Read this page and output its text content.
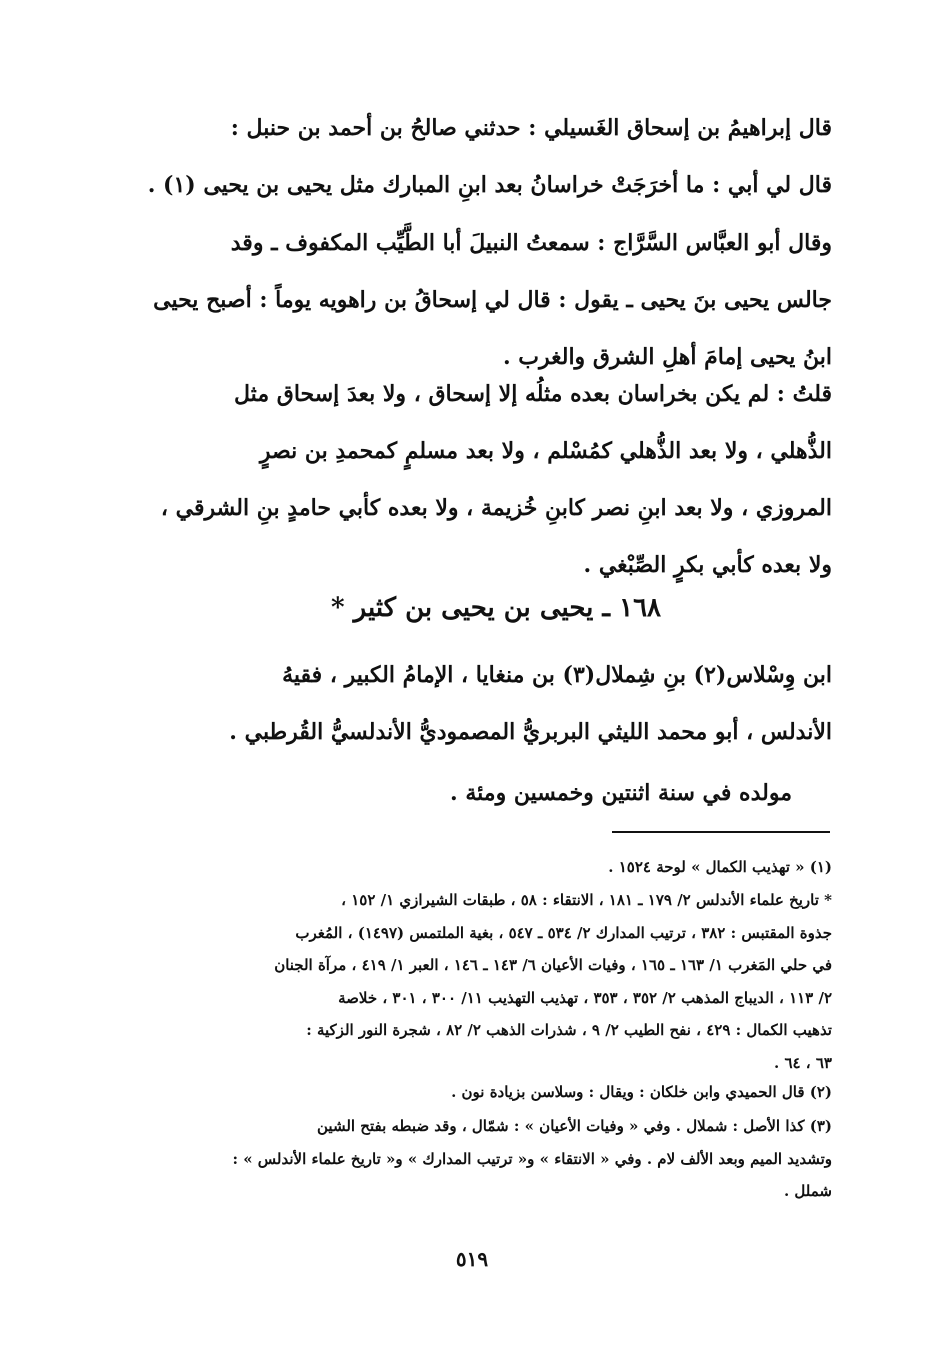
قال إبراهيمُ بن إسحاق الغَسيلي : حدثني صالحُ بن أحمد بن حنبل :
قال لي أبي : ما أخرَجَتْ خراسانُ بعد ابنِ المبارك مثل يحيى بن يحيى (١) .
وقال أبو العبَّاس السَّرَّاج : سمعتُ النبيلَ أبا الطَّيِّب المكفوف ـ وقد
جالس يحيى بنَ يحيى ـ يقول : قال لي إسحاقُ بن راهويه يوماً : أصبح يحيى
ابنُ يحيى إمامَ أهلِ الشرق والغرب .
قلتُ : لم يكن بخراسان بعده مثلُه إلا إسحاق ، ولا بعدَ إسحاق مثل
الذُّهلي ، ولا بعد الذُّهلي كمُسْلم ، ولا بعد مسلمٍ كمحمدِ بن نصرٍ
المروزي ، ولا بعد ابنِ نصر كابنِ خُزيمة ، ولا بعده كأبي حامدٍ بنِ الشرقي ،
ولا بعده كأبي بكرٍ الصِّبْغي .
١٦٨ ـ يحيى بن يحيى بن كثير *
ابن وِسْلاس(٢) بنِ شِملال(٣) بن منغايا ، الإمامُ الكبير ، فقيهُ
الأندلس ، أبو محمد الليثي البربريُّ المصموديُّ الأندلسيُّ القُرطبي .
مولده في سنة اثنتين وخمسين ومئة .
(١) « تهذيب الكمال » لوحة ١٥٢٤ .
* تاريخ علماء الأندلس ٢/ ١٧٩ ـ ١٨١ ، الانتقاء : ٥٨ ، طبقات الشيرازي ١/ ١٥٢ ،
جذوة المقتبس : ٣٨٢ ، ترتيب المدارك ٢/ ٥٣٤ ـ ٥٤٧ ، بغية الملتمس (١٤٩٧) ، المُغرب
في حلي المَغرب ١/ ١٦٣ ـ ١٦٥ ، وفيات الأعيان ٦/ ١٤٣ ـ ١٤٦ ، العبر ١/ ٤١٩ ، مرآة الجنان
٢/ ١١٣ ، الديباج المذهب ٢/ ٣٥٢ ، ٣٥٣ ، تهذيب التهذيب ١١/ ٣٠٠ ، ٣٠١ ، خلاصة
تذهيب الكمال : ٤٢٩ ، نفح الطيب ٢/ ٩ ، شذرات الذهب ٢/ ٨٢ ، شجرة النور الزكية :
٦٣ ، ٦٤ .
(٢) قال الحميدي وابن خلكان : ويقال : وسلاسن بزيادة نون .
(٣) كذا الأصل : شملال . وفي « وفيات الأعيان » : شمّال ، وقد ضبطه بفتح الشين
وتشديد الميم وبعد الألف لام . وفي « الانتقاء » و« ترتيب المدارك » و« تاريخ علماء الأندلس » :
شملل .
٥١٩
